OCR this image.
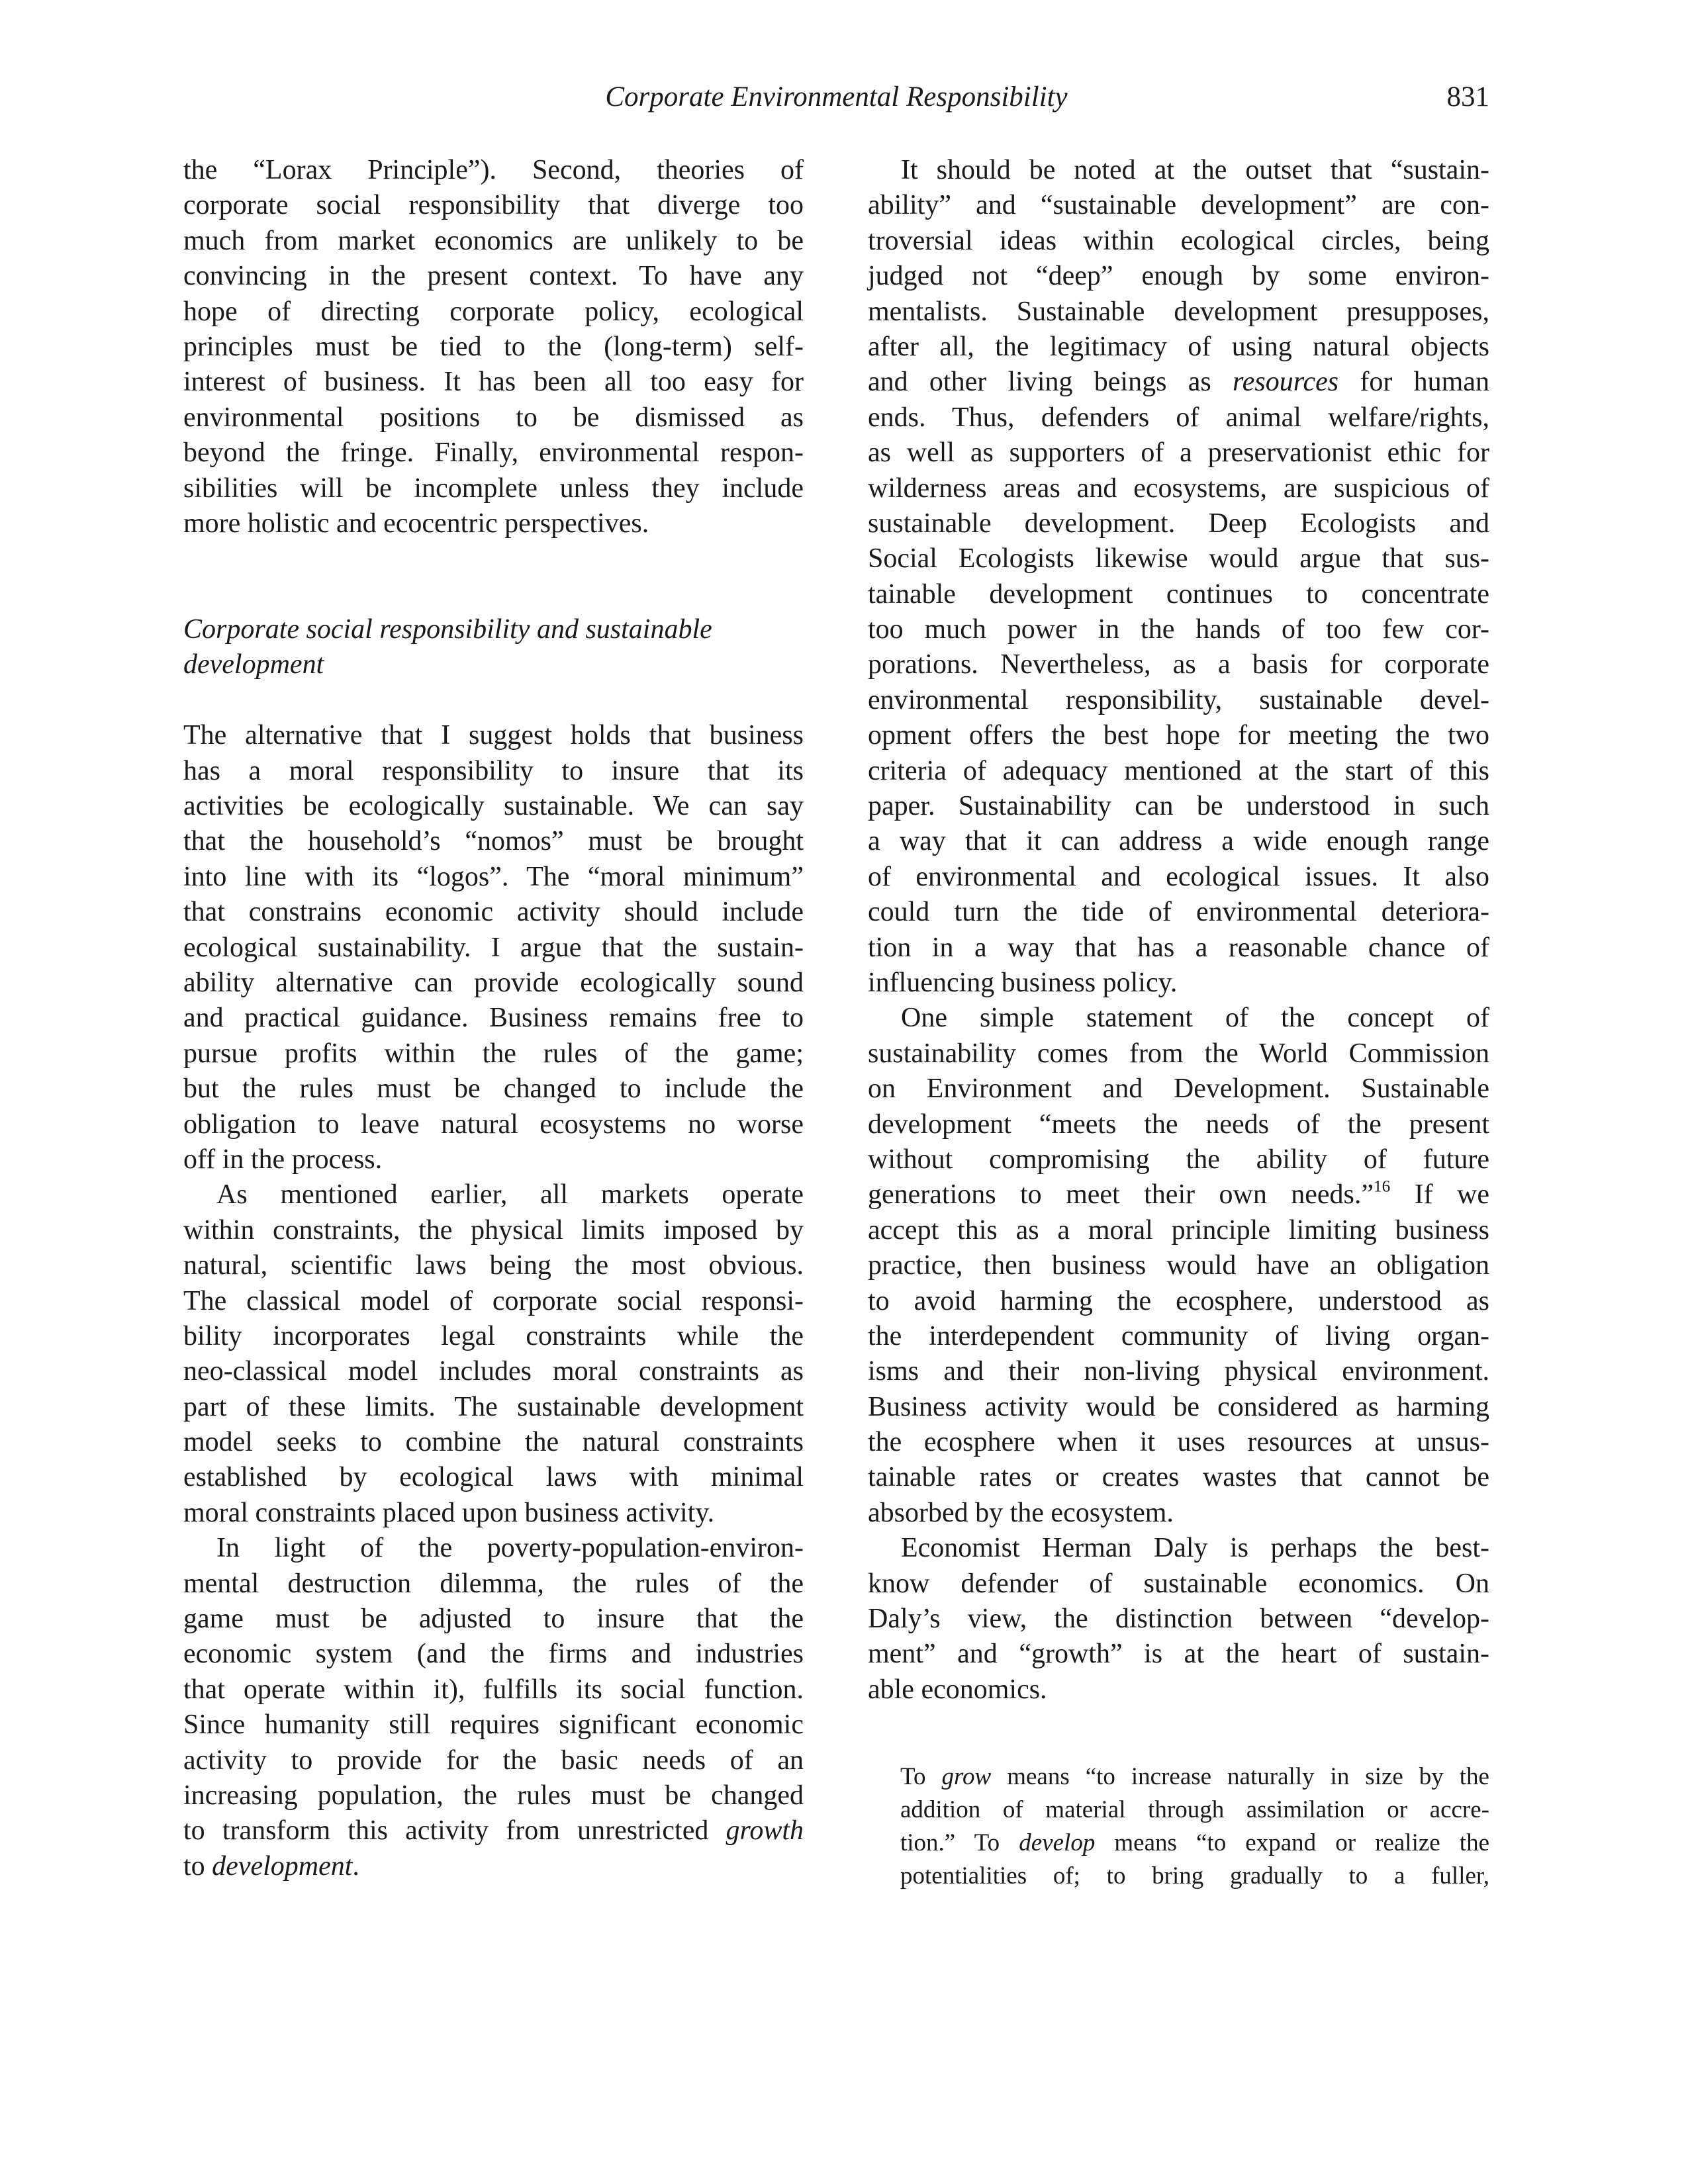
Corporate Environmental Responsibility	831
the “Lorax Principle”). Second, theories of
corporate social responsibility that diverge too
much from market economics are unlikely to be
convincing in the present context. To have any
hope of directing corporate policy, ecological
principles must be tied to the (long-term) self-
interest of business. It has been all too easy for
environmental positions to be dismissed as
beyond the fringe. Finally, environmental respon-
sibilities will be incomplete unless they include
more holistic and ecocentric perspectives.
Corporate social responsibility and sustainable
development
The alternative that I suggest holds that business
has a moral responsibility to insure that its
activities be ecologically sustainable. We can say
that the household’s “nomos” must be brought
into line with its “logos”. The “moral minimum”
that constrains economic activity should include
ecological sustainability. I argue that the sustain-
ability alternative can provide ecologically sound
and practical guidance. Business remains free to
pursue profits within the rules of the game;
but the rules must be changed to include the
obligation to leave natural ecosystems no worse
off in the process.
As mentioned earlier, all markets operate
within constraints, the physical limits imposed by
natural, scientific laws being the most obvious.
The classical model of corporate social responsi-
bility incorporates legal constraints while the
neo-classical model includes moral constraints as
part of these limits. The sustainable development
model seeks to combine the natural constraints
established by ecological laws with minimal
moral constraints placed upon business activity.
In light of the poverty-population-environ-
mental destruction dilemma, the rules of the
game must be adjusted to insure that the
economic system (and the firms and industries
that operate within it), fulfills its social function.
Since humanity still requires significant economic
activity to provide for the basic needs of an
increasing population, the rules must be changed
to transform this activity from unrestricted growth
to development.
It should be noted at the outset that “sustain-
ability” and “sustainable development” are con-
troversial ideas within ecological circles, being
judged not “deep” enough by some environ-
mentalists. Sustainable development presupposes,
after all, the legitimacy of using natural objects
and other living beings as resources for human
ends. Thus, defenders of animal welfare/rights,
as well as supporters of a preservationist ethic for
wilderness areas and ecosystems, are suspicious of
sustainable development. Deep Ecologists and
Social Ecologists likewise would argue that sus-
tainable development continues to concentrate
too much power in the hands of too few cor-
porations. Nevertheless, as a basis for corporate
environmental responsibility, sustainable devel-
opment offers the best hope for meeting the two
criteria of adequacy mentioned at the start of this
paper. Sustainability can be understood in such
a way that it can address a wide enough range
of environmental and ecological issues. It also
could turn the tide of environmental deteriora-
tion in a way that has a reasonable chance of
influencing business policy.
One simple statement of the concept of
sustainability comes from the World Commission
on Environment and Development. Sustainable
development “meets the needs of the present
without compromising the ability of future
generations to meet their own needs.”$^{16}$ If we
accept this as a moral principle limiting business
practice, then business would have an obligation
to avoid harming the ecosphere, understood as
the interdependent community of living organ-
isms and their non-living physical environment.
Business activity would be considered as harming
the ecosphere when it uses resources at unsus-
tainable rates or creates wastes that cannot be
absorbed by the ecosystem.
Economist Herman Daly is perhaps the best-
know defender of sustainable economics. On
Daly’s view, the distinction between “develop-
ment” and “growth” is at the heart of sustain-
able economics.
To grow means “to increase naturally in size by the
addition of material through assimilation or accre-
tion.” To develop means “to expand or realize the
potentialities of; to bring gradually to a fuller,
